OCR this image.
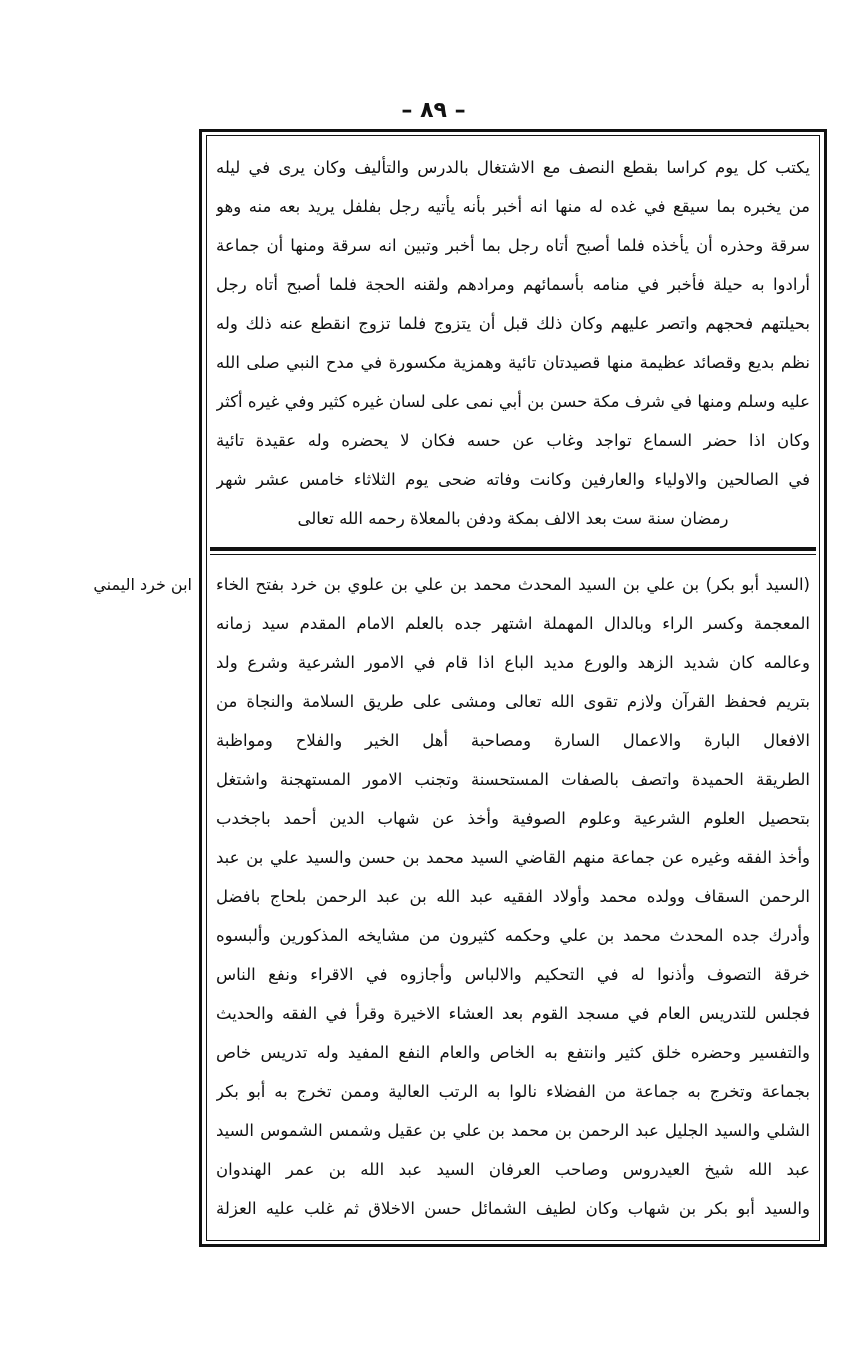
– ٨٩ –
ابن خرد اليمني
يكتب كل يوم كراسا بقطع النصف مع الاشتغال بالدرس والتأليف وكان يرى في ليله
من يخبره بما سيقع في غده له منها انه أخبر بأنه يأتيه رجل بفلفل يريد بعه منه وهو
سرقة وحذره أن يأخذه فلما أصبح أتاه رجل بما أخبر وتبين انه سرقة ومنها أن جماعة
أرادوا به حيلة فأخبر في منامه بأسمائهم ومرادهم ولقنه الحجة فلما أصبح أتاه رجل
بحيلتهم فحجهم واتصر عليهم وكان ذلك قبل أن يتزوج فلما تزوج انقطع عنه ذلك وله
نظم بديع وقصائد عظيمة منها قصيدتان تائية وهمزية مكسورة في مدح النبي صلى الله
عليه وسلم ومنها في شرف مكة حسن بن أبي نمى على لسان غيره كثير وفي غيره أكثر
وكان اذا حضر السماع تواجد وغاب عن حسه فكان لا يحضره وله عقيدة تائية
في الصالحين والاولياء والعارفين وكانت وفاته ضحى يوم الثلاثاء خامس عشر شهر
رمضان سنة ست بعد الالف بمكة ودفن بالمعلاة رحمه الله تعالى
(السيد أبو بكر) بن علي بن السيد المحدث محمد بن علي بن علوي بن خرد بفتح الخاء
المعجمة وكسر الراء وبالدال المهملة اشتهر جده بالعلم الامام المقدم سيد زمانه
وعالمه كان شديد الزهد والورع مديد الباع اذا قام في الامور الشرعية وشرع ولد
بتريم فحفظ القرآن ولازم تقوى الله تعالى ومشى على طريق السلامة والنجاة من
الافعال البارة والاعمال السارة ومصاحبة أهل الخير والفلاح ومواظبة
الطريقة الحميدة واتصف بالصفات المستحسنة وتجنب الامور المستهجنة واشتغل
بتحصيل العلوم الشرعية وعلوم الصوفية وأخذ عن شهاب الدين أحمد باجخدب
وأخذ الفقه وغيره عن جماعة منهم القاضي السيد محمد بن حسن والسيد علي بن عبد
الرحمن السقاف وولده محمد وأولاد الفقيه عبد الله بن عبد الرحمن بلحاج بافضل
وأدرك جده المحدث محمد بن علي وحكمه كثيرون من مشايخه المذكورين وألبسوه
خرقة التصوف وأذنوا له في التحكيم والالباس وأجازوه في الاقراء ونفع الناس
فجلس للتدريس العام في مسجد القوم بعد العشاء الاخيرة وقرأ في الفقه والحديث
والتفسير وحضره خلق كثير وانتفع به الخاص والعام النفع المفيد وله تدريس خاص
بجماعة وتخرج به جماعة من الفضلاء نالوا به الرتب العالية وممن تخرج به أبو بكر
الشلي والسيد الجليل عبد الرحمن بن محمد بن علي بن عقيل وشمس الشموس السيد
عبد الله شيخ العيدروس وصاحب العرفان السيد عبد الله بن عمر الهندوان
والسيد أبو بكر بن شهاب وكان لطيف الشمائل حسن الاخلاق ثم غلب عليه العزلة
